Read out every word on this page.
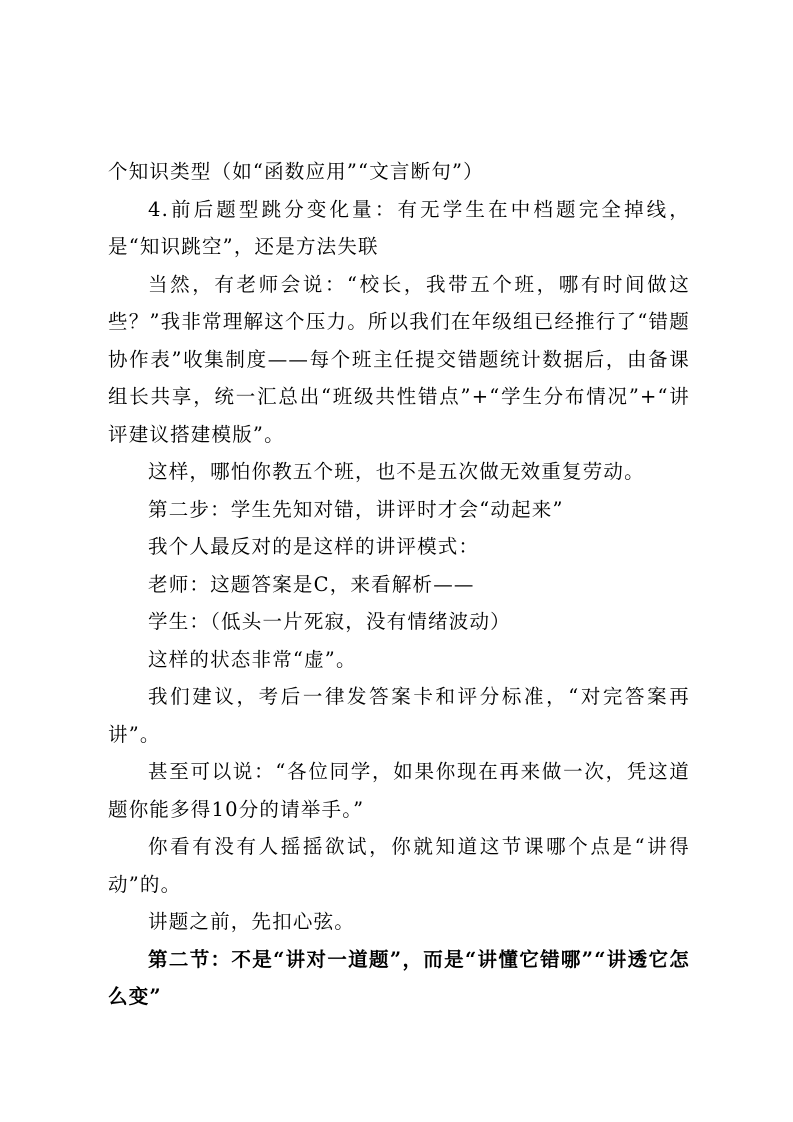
个知识类型（如“函数应用”“文言断句”）

4.前后题型跳分变化量：有无学生在中档题完全掉线，是“知识跳空”，还是方法失联

当然，有老师会说：“校长，我带五个班，哪有时间做这些？”我非常理解这个压力。所以我们在年级组已经推行了“错题协作表”收集制度——每个班主任提交错题统计数据后，由备课组长共享，统一汇总出“班级共性错点”+“学生分布情况”+“讲评建议搭建模版”。

这样，哪怕你教五个班，也不是五次做无效重复劳动。

第二步：学生先知对错，讲评时才会“动起来”

我个人最反对的是这样的讲评模式：

老师：这题答案是C，来看解析——

学生：（低头一片死寂，没有情绪波动）

这样的状态非常“虚”。

我们建议，考后一律发答案卡和评分标准，“对完答案再讲”。

甚至可以说：“各位同学，如果你现在再来做一次，凭这道题你能多得10分的请举手。”

你看有没有人摇摇欲试，你就知道这节课哪个点是“讲得动”的。

讲题之前，先扣心弦。

第二节：不是“讲对一道题”，而是“讲懂它错哪”“讲透它怎么变”
